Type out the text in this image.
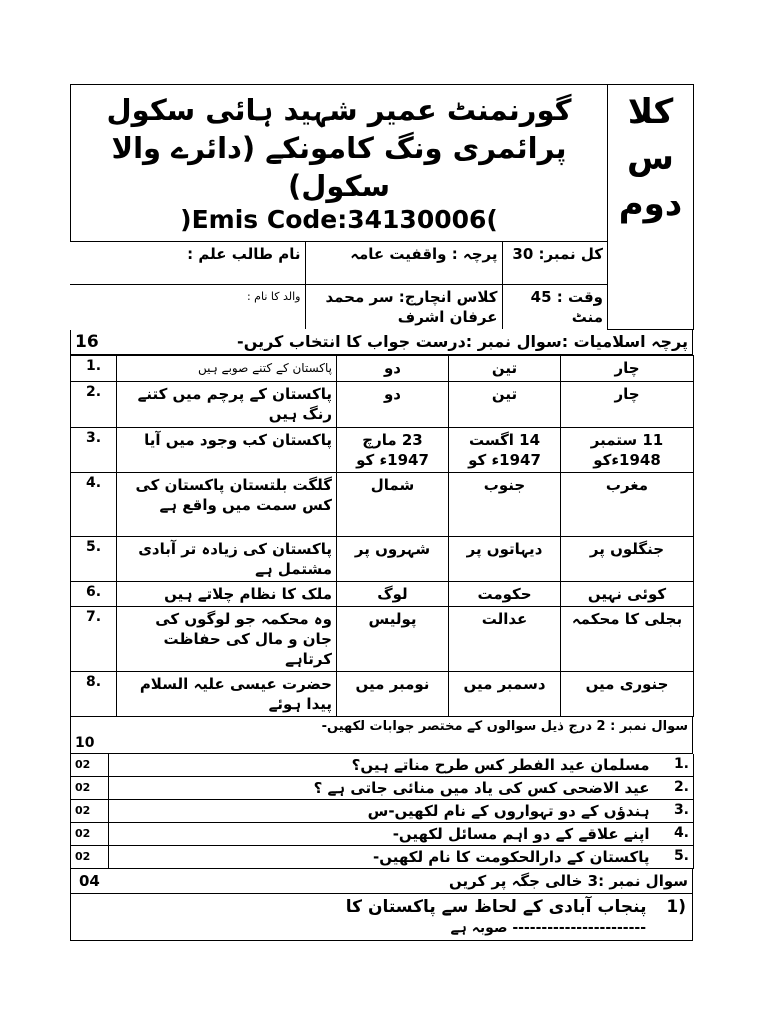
گورنمنٹ عمیر شہید ہائی سکول پرائمری ونگ کامونکے (دائرے والا سکول)
)Emis Code:34130006(

کلا س دوم

کل نمبر: 30	پرچہ : واقفیت عامہ	نام طالب علم :
وقت : 45 منٹ	کلاس انچارج: سر محمد عرفان اشرف	والد کا نام :
پرچہ اسلامیات :سوال نمبر :درست جواب کا انتخاب کریں-
16
1.	پاکستان کے کتنے صوبے ہیں	دو	تین	چار
2.	پاکستان کے پرچم میں کتنے رنگ ہیں	دو	تین	چار
3.	پاکستان کب وجود میں آیا	23 مارچ 1947ء کو	14 اگست 1947ء کو	11 ستمبر 1948ءکو
4.	گلگت بلتستان پاکستان کی کس سمت میں واقع ہے	شمال	جنوب	مغرب
5.	پاکستان کی زیادہ تر آبادی مشتمل ہے	شہروں پر	دیہاتوں پر	جنگلوں پر
6.	ملک کا نظام چلاتے ہیں	لوگ	حکومت	کوئی نہیں
7.	وہ محکمہ جو لوگوں کی جان و مال کی حفاظت کرتاہے	پولیس	عدالت	بجلی کا محکمہ
8.	حضرت عیسی علیہ السلام پیدا ہوئے	نومبر میں	دسمبر میں	جنوری میں
سوال نمبر : 2 درج ذیل سوالوں کے مختصر جوابات لکھیں-
10
02	مسلمان عید الفطر کس طرح مناتے ہیں؟	1.
02	عید الاضحی کس کی یاد میں منائی جاتی ہے ؟	2.
02	ہندؤں کے دو تہواروں کے نام لکھیں-س	3.
02	اپنے علاقے کے دو اہم مسائل لکھیں-	4.
02	پاکستان کے دارالحکومت کا نام لکھیں-	5.
سوال نمبر :3 خالی جگہ پر کریں
04

1) پنجاب آبادی کے لحاظ سے پاکستان کا
----------------------- صوبہ ہے
